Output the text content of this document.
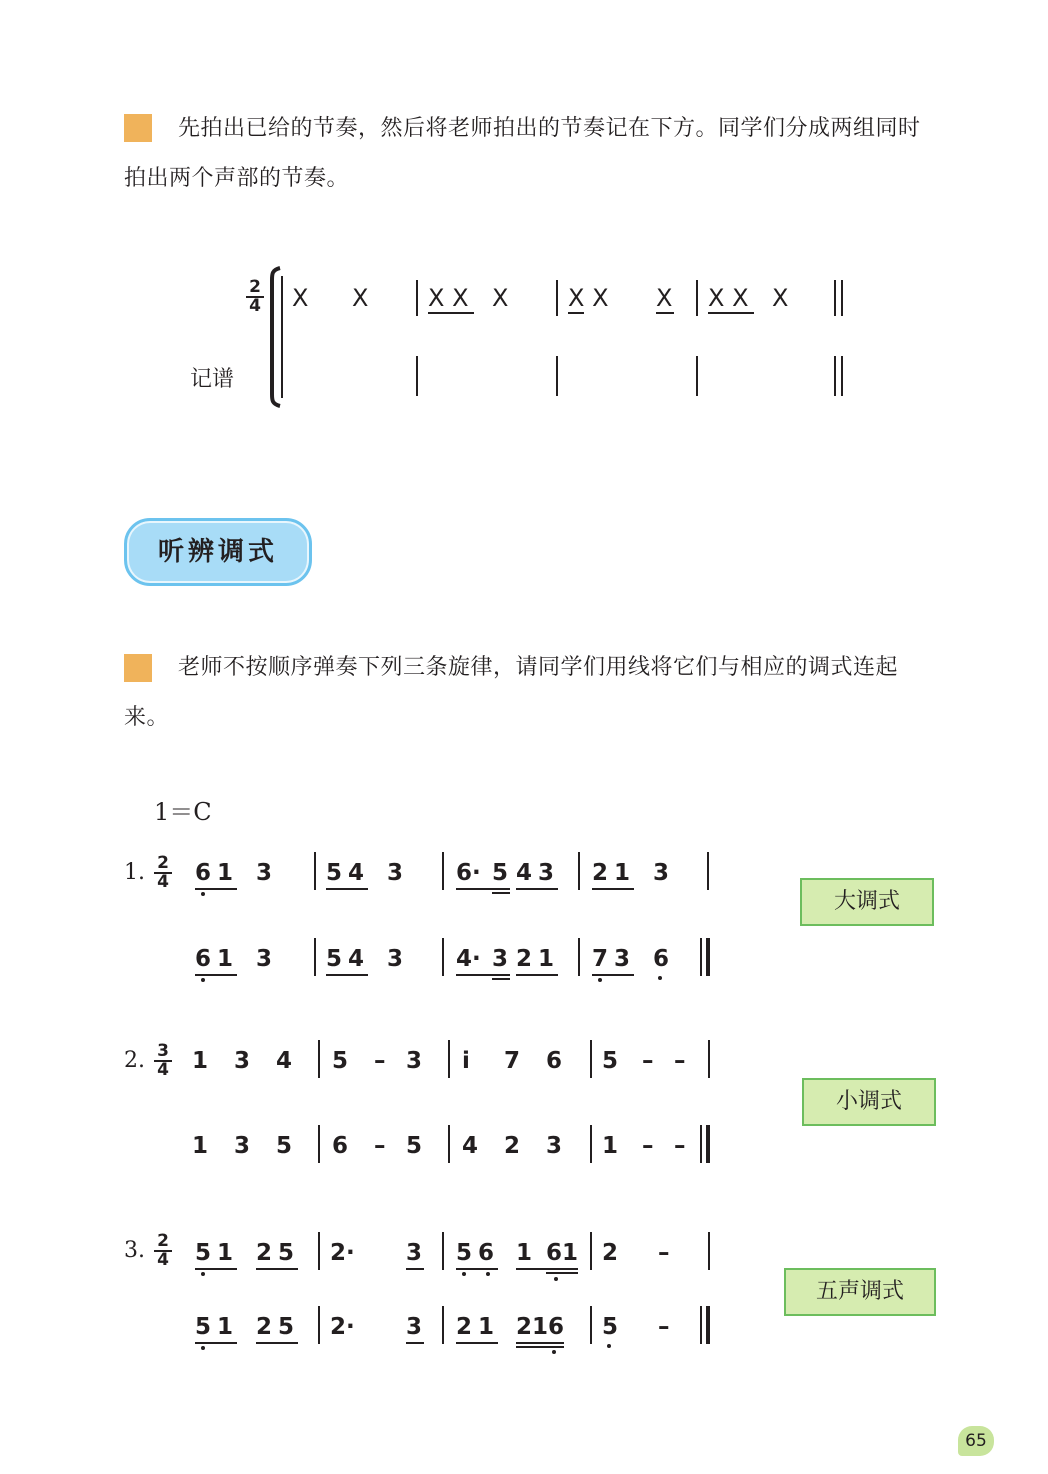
先拍出已给的节奏，然后将老师拍出的节奏记在下方。同学们分成两组同时拍出两个声部的节奏。
2
4 X X X X X X X X X X X
记谱
听辨调式
老师不按顺序弹奏下列三条旋律，请同学们用线将它们与相应的调式连起来。
1＝C
1. 2
4 61 3 54 3 6· 5 43 21 3
61 3 54 3 4· 3 21 73 6
大调式
2. 3
4 1 3 4 5 – 3 i 7 6 5 – –
1 3 5 6 – 5 4 2 3 1 – –
小调式
3. 2
4 51 25 2· 3 56 1 61 2 –
51 25 2· 3 21 216 5 –
五声调式
65
